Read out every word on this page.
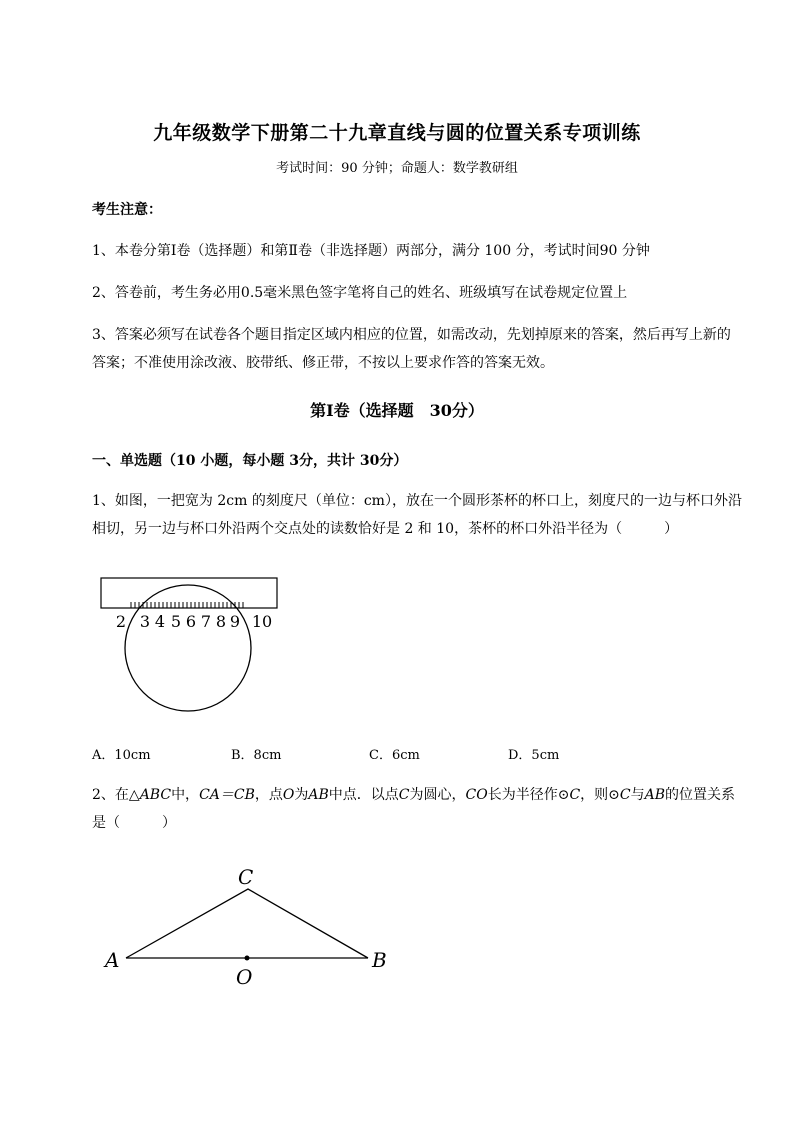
九年级数学下册第二十九章直线与圆的位置关系专项训练
考试时间：90 分钟；命题人：数学教研组
考生注意：
1、本卷分第Ⅰ卷（选择题）和第Ⅱ卷（非选择题）两部分，满分 100 分，考试时间90 分钟
2、答卷前，考生务必用0.5毫米黑色签字笔将自己的姓名、班级填写在试卷规定位置上
3、答案必须写在试卷各个题目指定区域内相应的位置，如需改动，先划掉原来的答案，然后再写上新的答案；不准使用涂改液、胶带纸、修正带，不按以上要求作答的答案无效。
第Ⅰ卷（选择题　30分）
一、单选题（10 小题，每小题 3分，共计 30分）
1、如图，一把宽为 2cm 的刻度尺（单位：cm），放在一个圆形茶杯的杯口上，刻度尺的一边与杯口外沿相切，另一边与杯口外沿两个交点处的读数恰好是 2 和 10，茶杯的杯口外沿半径为（　　　）
2 3 4 5 6 7 8 9 10
A．10cm	B．8cm	C．6cm	D．5cm
2、在△ABC中，CA＝CB，点O为AB中点．以点C为圆心，CO长为半径作⊙C，则⊙C与AB的位置关系是（　　　）
A
C
B
O
